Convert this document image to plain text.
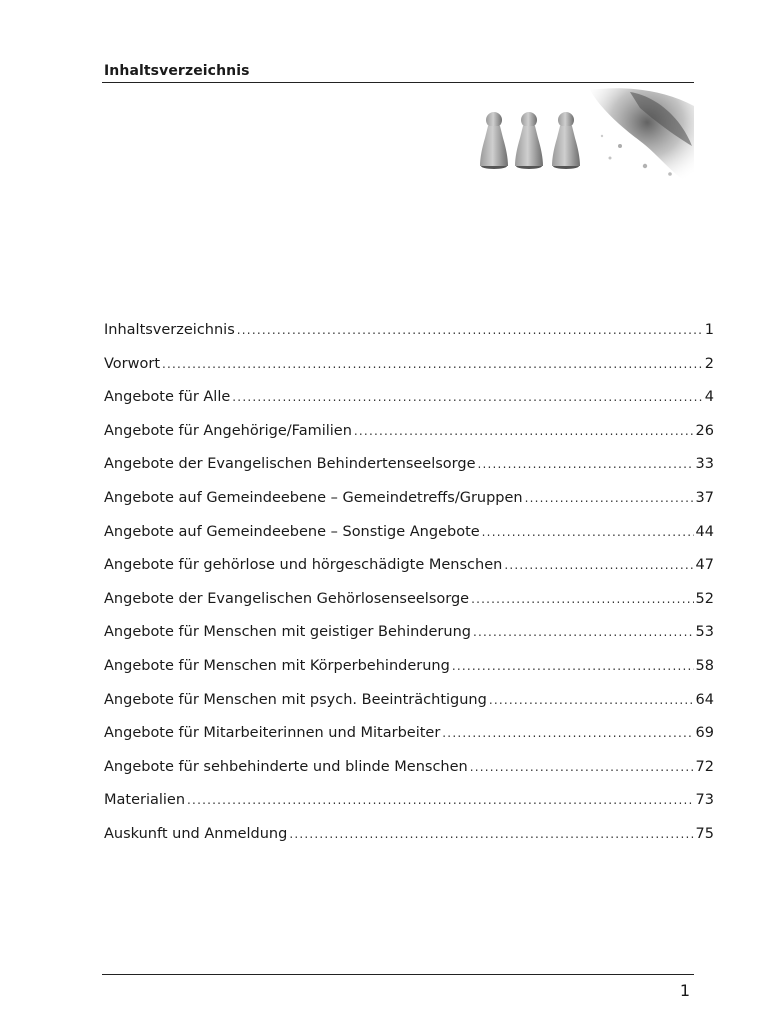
Inhaltsverzeichnis
Inhaltsverzeichnis .....	1
Vorwort .....	2
Angebote für Alle .....	4
Angebote für Angehörige/Familien .....	26
Angebote der Evangelischen Behindertenseelsorge .....	33
Angebote auf Gemeindeebene – Gemeindetreffs/Gruppen .....	37
Angebote auf Gemeindeebene – Sonstige Angebote .....	44
Angebote für gehörlose und hörgeschädigte Menschen .....	47
Angebote der Evangelischen Gehörlosenseelsorge .....	52
Angebote für Menschen mit geistiger Behinderung .....	53
Angebote für Menschen mit Körperbehinderung .....	58
Angebote für Menschen mit psych. Beeinträchtigung .....	64
Angebote für Mitarbeiterinnen und Mitarbeiter .....	69
Angebote für sehbehinderte und blinde Menschen .....	72
Materialien .....	73
Auskunft und Anmeldung .....	75
1
